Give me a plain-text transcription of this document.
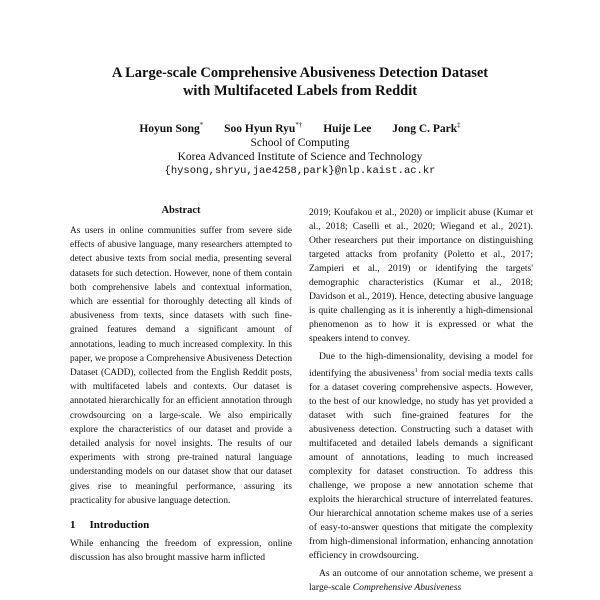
A Large-scale Comprehensive Abusiveness Detection Dataset
with Multifaceted Labels from Reddit
Hoyun Song* Soo Hyun Ryu*† Huije Lee Jong C. Park‡
School of Computing
Korea Advanced Institute of Science and Technology
{hysong,shryu,jae4258,park}@nlp.kaist.ac.kr
Abstract
As users in online communities suffer from severe side effects of abusive language, many researchers attempted to detect abusive texts from social media, presenting several datasets for such detection. However, none of them contain both comprehensive labels and contextual information, which are essential for thoroughly detecting all kinds of abusiveness from texts, since datasets with such fine-grained features demand a significant amount of annotations, leading to much increased complexity. In this paper, we propose a Comprehensive Abusiveness Detection Dataset (CADD), collected from the English Reddit posts, with multifaceted labels and contexts. Our dataset is annotated hierarchically for an efficient annotation through crowdsourcing on a large-scale. We also empirically explore the characteristics of our dataset and provide a detailed analysis for novel insights. The results of our experiments with strong pre-trained natural language understanding models on our dataset show that our dataset gives rise to meaningful performance, assuring its practicality for abusive language detection.
1 Introduction
While enhancing the freedom of expression, online discussion has also brought massive harm inflicted
2019; Koufakou et al., 2020) or implicit abuse (Kumar et al., 2018; Caselli et al., 2020; Wiegand et al., 2021). Other researchers put their importance on distinguishing targeted attacks from profanity (Poletto et al., 2017; Zampieri et al., 2019) or identifying the targets' demographic characteristics (Kumar et al., 2018; Davidson et al., 2019). Hence, detecting abusive language is quite challenging as it is inherently a high-dimensional phenomenon as to how it is expressed or what the speakers intend to convey.
Due to the high-dimensionality, devising a model for identifying the abusiveness$^1$ from social media texts calls for a dataset covering comprehensive aspects. However, to the best of our knowledge, no study has yet provided a dataset with such fine-grained features for the abusiveness detection. Constructing such a dataset with multifaceted and detailed labels demands a significant amount of annotations, leading to much increased complexity for dataset construction. To address this challenge, we propose a new annotation scheme that exploits the hierarchical structure of interrelated features. Our hierarchical annotation scheme makes use of a series of easy-to-answer questions that mitigate the complexity from high-dimensional information, enhancing annotation efficiency in crowdsourcing.
As an outcome of our annotation scheme, we present a large-scale Comprehensive Abusiveness
